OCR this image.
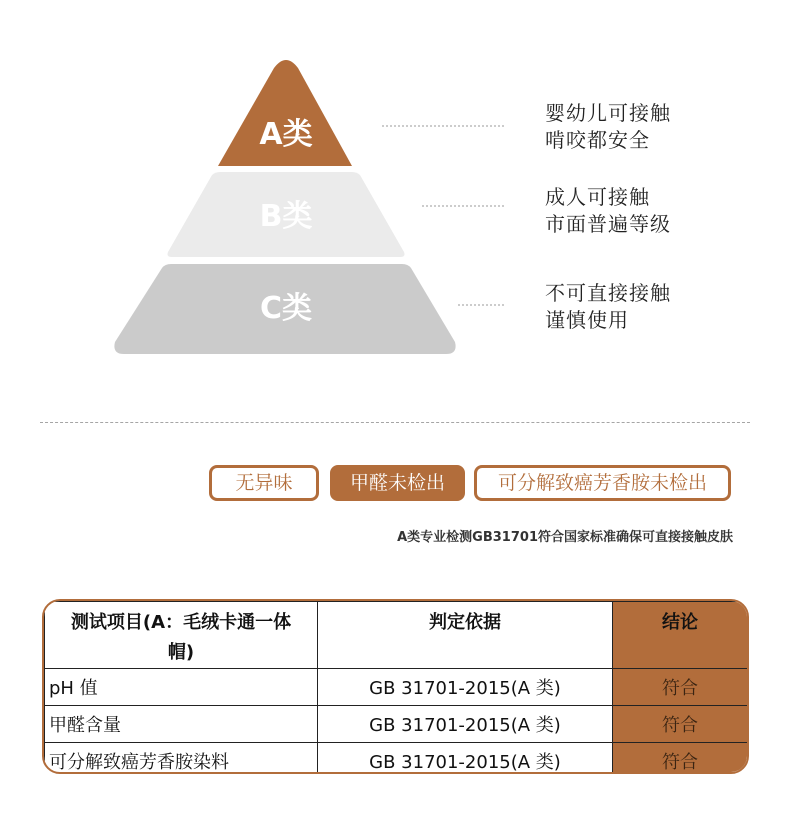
A类
B类
C类
婴幼儿可接触
啃咬都安全
成人可接触
市面普遍等级
不可直接接触
谨慎使用
无异味	甲醛未检出	可分解致癌芳香胺未检出
A类专业检测GB31701符合国家标准确保可直接接触皮肤
测试项目(A：毛绒卡通一体
帽)	判定依据	结论
pH 值	GB 31701-2015(A 类)	符合
甲醛含量	GB 31701-2015(A 类)	符合
可分解致癌芳香胺染料	GB 31701-2015(A 类)	符合
